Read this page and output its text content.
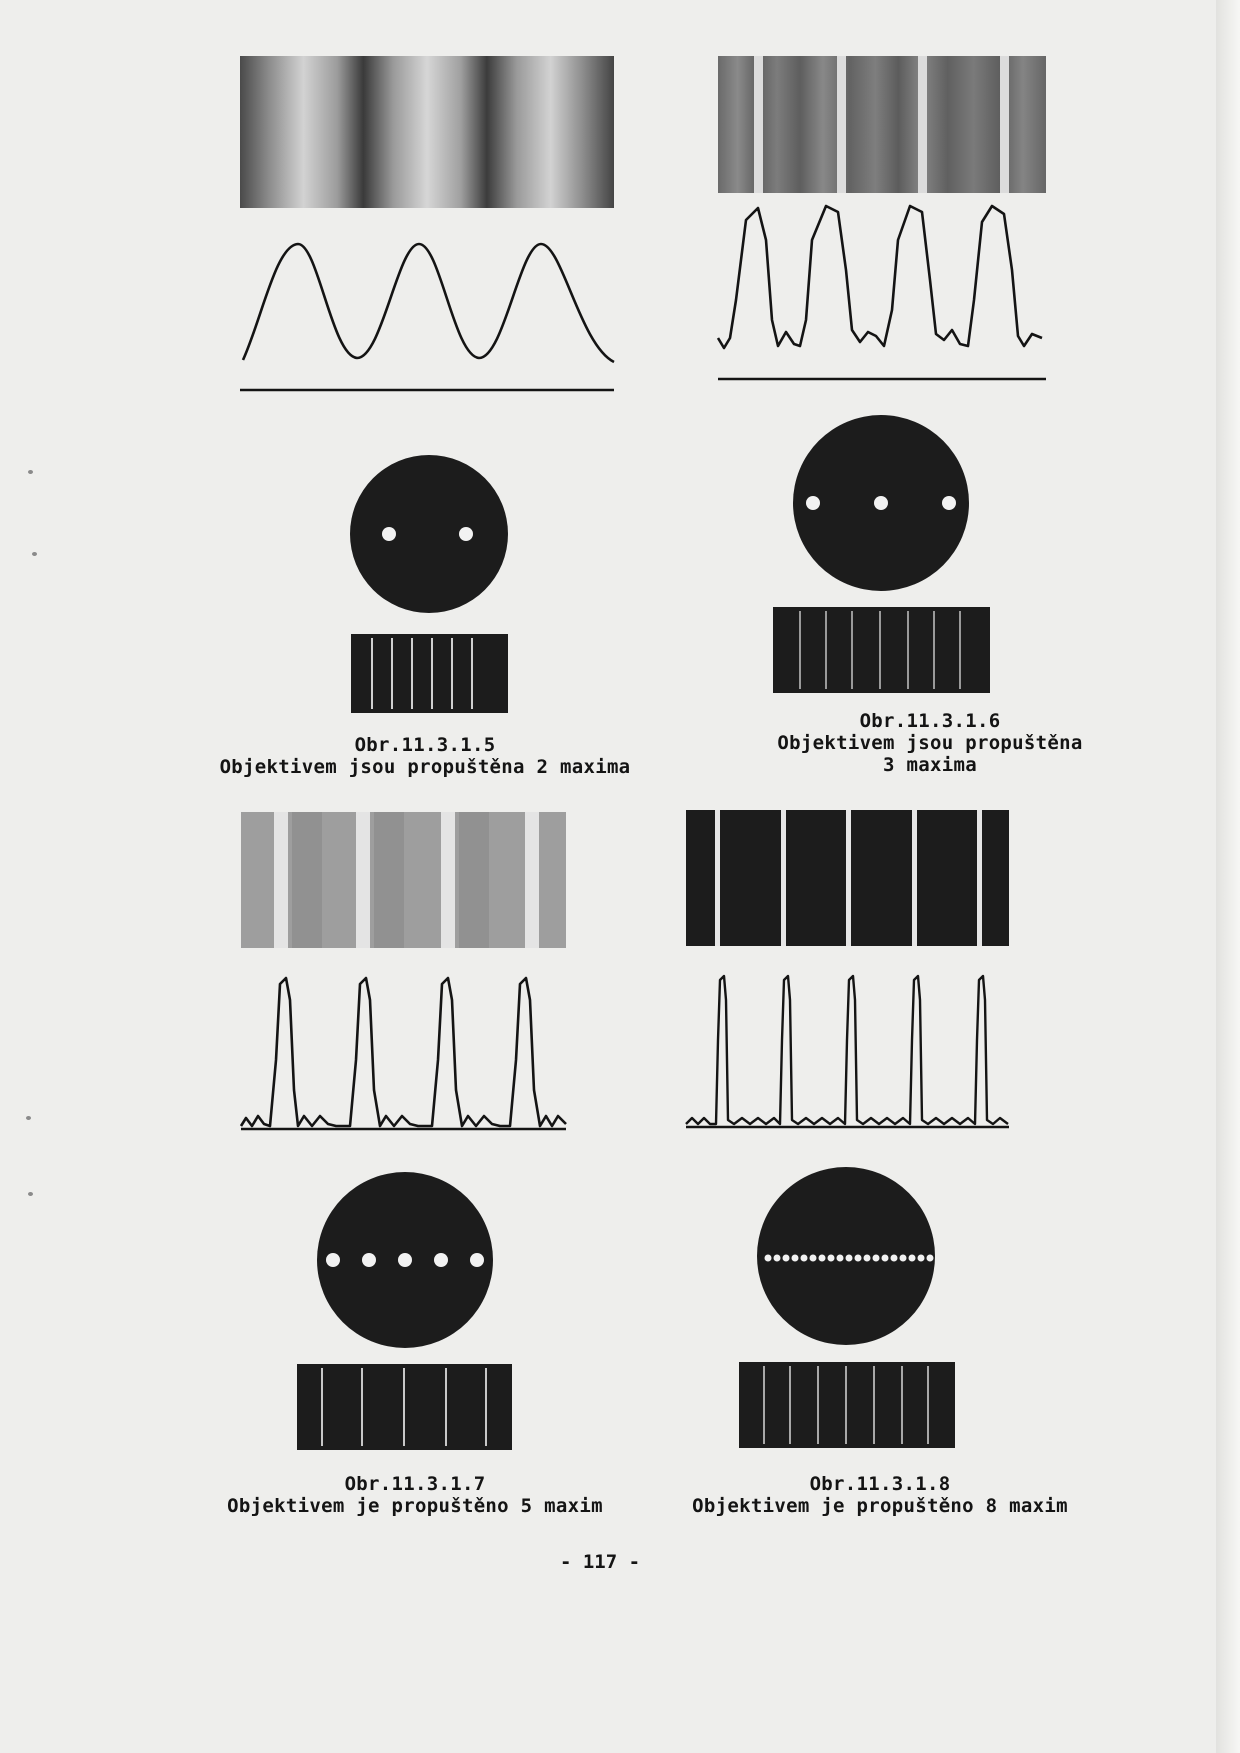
Obr.11.3.1.5
Objektivem jsou propuštěna 2 maxima
Obr.11.3.1.6
Objektivem jsou propuštěna
3 maxima
Obr.11.3.1.7
Objektivem je propuštěno 5 maxim
Obr.11.3.1.8
Objektivem je propuštěno 8 maxim
- 117 -
